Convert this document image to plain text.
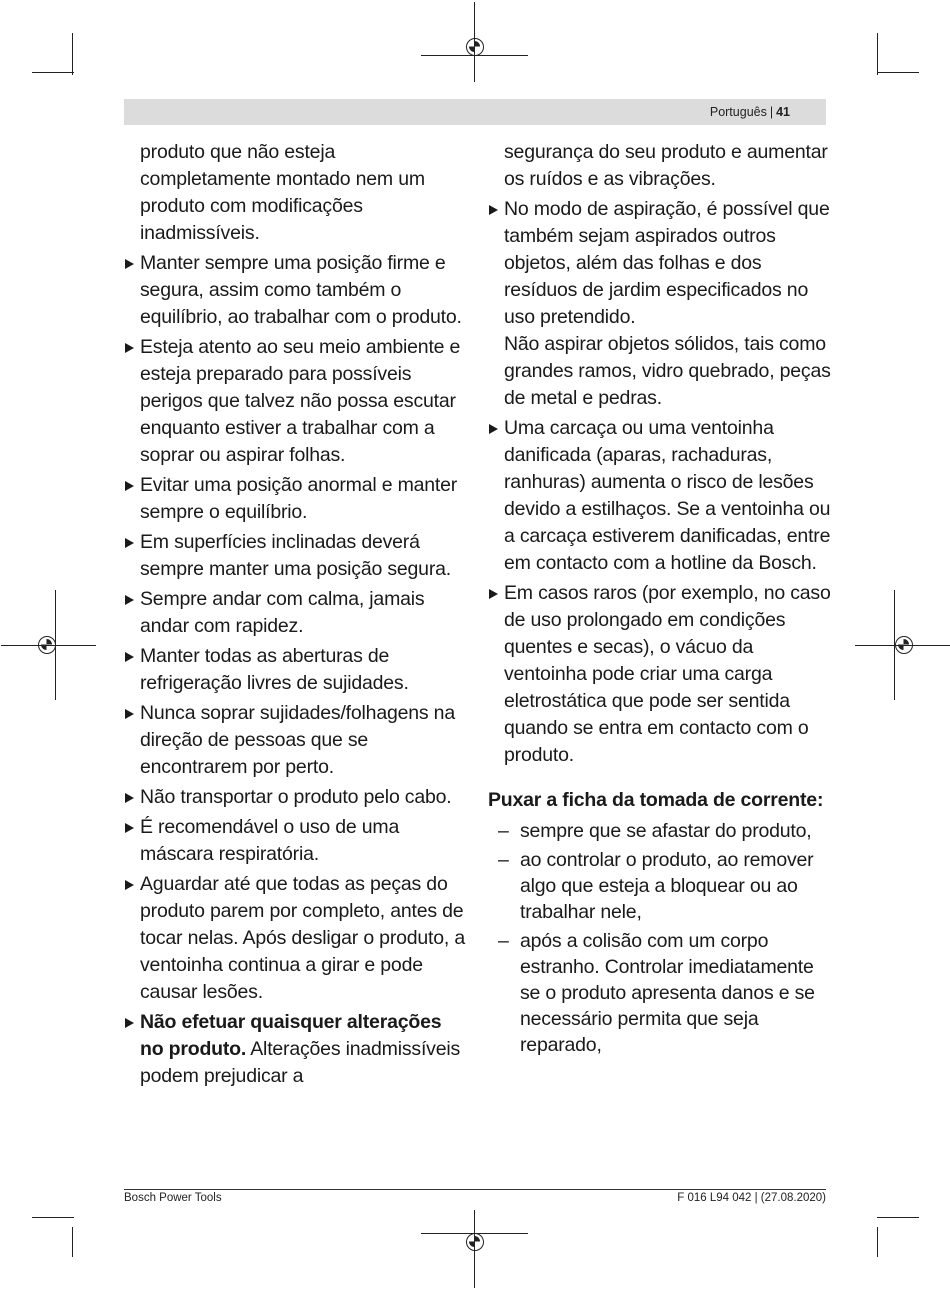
Português | 41

produto que não esteja completamente montado nem um produto com modificações inadmissíveis.

Manter sempre uma posição firme e segura, assim como também o equilíbrio, ao trabalhar com o produto.
Esteja atento ao seu meio ambiente e esteja preparado para possíveis perigos que talvez não possa escutar enquanto estiver a trabalhar com a soprar ou aspirar folhas.
Evitar uma posição anormal e manter sempre o equilíbrio.
Em superfícies inclinadas deverá sempre manter uma posição segura.
Sempre andar com calma, jamais andar com rapidez.
Manter todas as aberturas de refrigeração livres de sujidades.
Nunca soprar sujidades/folhagens na direção de pessoas que se encontrarem por perto.
Não transportar o produto pelo cabo.
É recomendável o uso de uma máscara respiratória.
Aguardar até que todas as peças do produto parem por completo, antes de tocar nelas. Após desligar o produto, a ventoinha continua a girar e pode causar lesões.
Não efetuar quaisquer alterações no produto. Alterações inadmissíveis podem prejudicar a

segurança do seu produto e aumentar os ruídos e as vibrações.

No modo de aspiração, é possível que também sejam aspirados outros objetos, além das folhas e dos resíduos de jardim especificados no uso pretendido.
Não aspirar objetos sólidos, tais como grandes ramos, vidro quebrado, peças de metal e pedras.
Uma carcaça ou uma ventoinha danificada (aparas, rachaduras, ranhuras) aumenta o risco de lesões devido a estilhaços. Se a ventoinha ou a carcaça estiverem danificadas, entre em contacto com a hotline da Bosch.
Em casos raros (por exemplo, no caso de uso prolongado em condições quentes e secas), o vácuo da ventoinha pode criar uma carga eletrostática que pode ser sentida quando se entra em contacto com o produto.
Puxar a ficha da tomada de corrente:
– sempre que se afastar do produto,
– ao controlar o produto, ao remover algo que esteja a bloquear ou ao trabalhar nele,
– após a colisão com um corpo estranho. Controlar imediatamente se o produto apresenta danos e se necessário permita que seja reparado,
Bosch Power Tools	F 016 L94 042 | (27.08.2020)
